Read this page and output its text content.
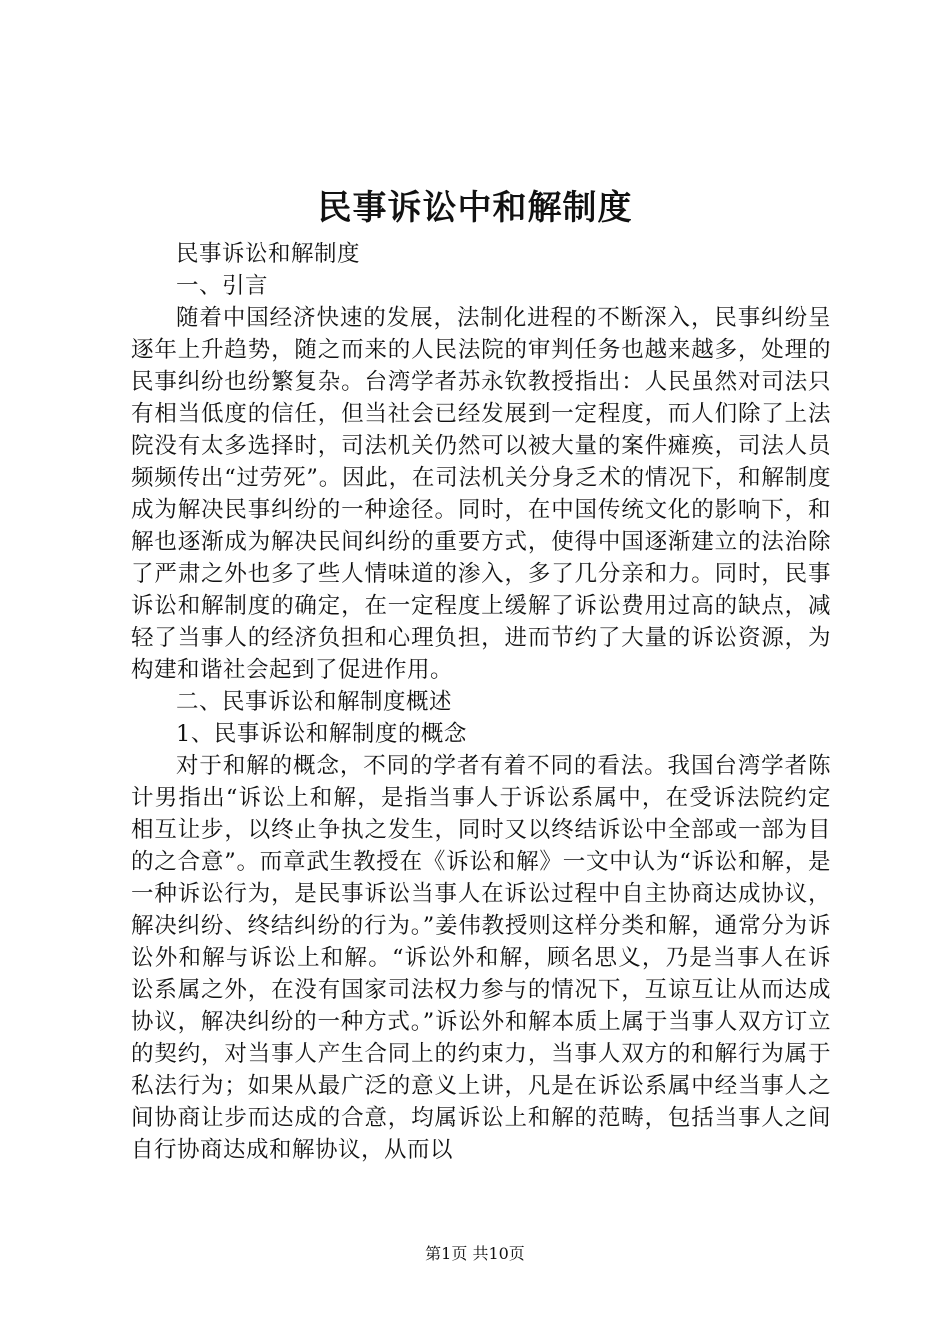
民事诉讼中和解制度

民事诉讼和解制度

一、引言

随着中国经济快速的发展，法制化进程的不断深入，民事纠纷呈逐年上升趋势，随之而来的人民法院的审判任务也越来越多，处理的民事纠纷也纷繁复杂。台湾学者苏永钦教授指出：人民虽然对司法只有相当低度的信任，但当社会已经发展到一定程度，而人们除了上法院没有太多选择时，司法机关仍然可以被大量的案件瘫痪，司法人员频频传出“过劳死”。因此，在司法机关分身乏术的情况下，和解制度成为解决民事纠纷的一种途径。同时，在中国传统文化的影响下，和解也逐渐成为解决民间纠纷的重要方式，使得中国逐渐建立的法治除了严肃之外也多了些人情味道的渗入，多了几分亲和力。同时，民事诉讼和解制度的确定，在一定程度上缓解了诉讼费用过高的缺点，减轻了当事人的经济负担和心理负担，进而节约了大量的诉讼资源，为构建和谐社会起到了促进作用。

二、民事诉讼和解制度概述

1、民事诉讼和解制度的概念

对于和解的概念，不同的学者有着不同的看法。我国台湾学者陈计男指出“诉讼上和解，是指当事人于诉讼系属中，在受诉法院约定相互让步，以终止争执之发生，同时又以终结诉讼中全部或一部为目的之合意”。而章武生教授在《诉讼和解》一文中认为“诉讼和解，是一种诉讼行为，是民事诉讼当事人在诉讼过程中自主协商达成协议，解决纠纷、终结纠纷的行为。”姜伟教授则这样分类和解，通常分为诉讼外和解与诉讼上和解。“诉讼外和解，顾名思义，乃是当事人在诉讼系属之外，在没有国家司法权力参与的情况下，互谅互让从而达成协议，解决纠纷的一种方式。”诉讼外和解本质上属于当事人双方订立的契约，对当事人产生合同上的约束力，当事人双方的和解行为属于私法行为；如果从最广泛的意义上讲，凡是在诉讼系属中经当事人之间协商让步而达成的合意，均属诉讼上和解的范畴，包括当事人之间自行协商达成和解协议，从而以

第1页 共10页
